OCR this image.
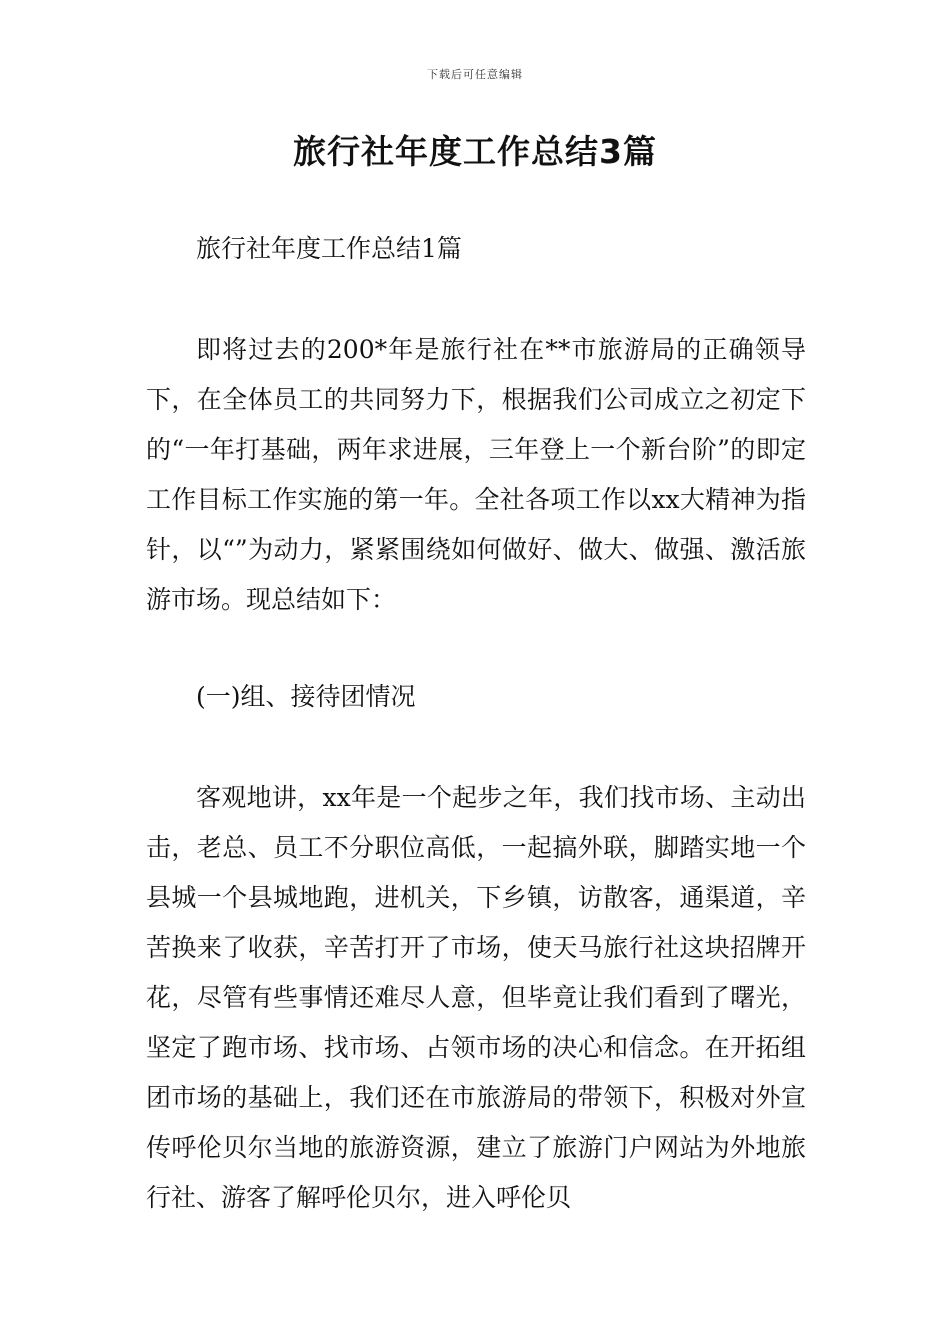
下载后可任意编辑
旅行社年度工作总结3篇

旅行社年度工作总结1篇

即将过去的200*年是旅行社在**市旅游局的正确领导下，在全体员工的共同努力下，根据我们公司成立之初定下的“一年打基础，两年求进展，三年登上一个新台阶”的即定工作目标工作实施的第一年。全社各项工作以xx大精神为指针，以“”为动力，紧紧围绕如何做好、做大、做强、激活旅游市场。现总结如下：

(一)组、接待团情况

客观地讲，xx年是一个起步之年，我们找市场、主动出击，老总、员工不分职位高低，一起搞外联，脚踏实地一个县城一个县城地跑，进机关，下乡镇，访散客，通渠道，辛苦换来了收获，辛苦打开了市场，使天马旅行社这块招牌开花，尽管有些事情还难尽人意，但毕竟让我们看到了曙光，坚定了跑市场、找市场、占领市场的决心和信念。在开拓组团市场的基础上，我们还在市旅游局的带领下，积极对外宣传呼伦贝尔当地的旅游资源，建立了旅游门户网站为外地旅行社、游客了解呼伦贝尔，进入呼伦贝
